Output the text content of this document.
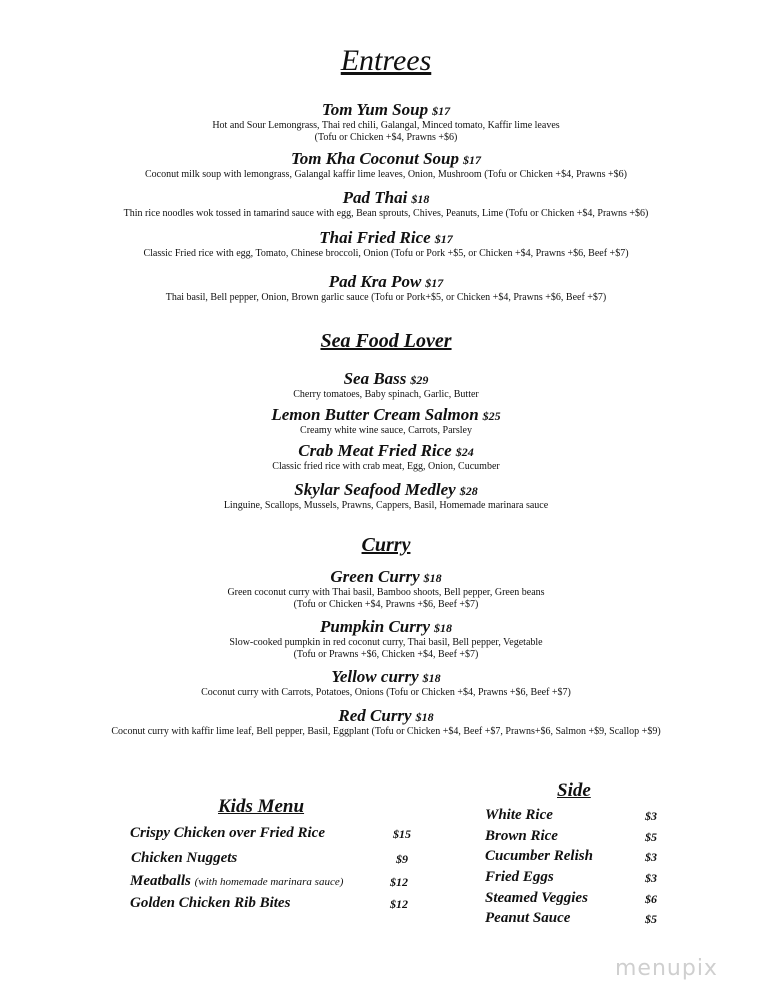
Entrees
Tom Yum Soup $17
Hot and Sour Lemongrass, Thai red chili, Galangal, Minced tomato, Kaffir lime leaves
(Tofu or Chicken +$4, Prawns +$6)
Tom Kha Coconut Soup $17
Coconut milk soup with lemongrass, Galangal kaffir lime leaves, Onion, Mushroom (Tofu or Chicken +$4, Prawns +$6)
Pad Thai $18
Thin rice noodles wok tossed in tamarind sauce with egg, Bean sprouts, Chives, Peanuts, Lime (Tofu or Chicken +$4, Prawns +$6)
Thai Fried Rice $17
Classic Fried rice with egg, Tomato, Chinese broccoli, Onion (Tofu or Pork +$5, or Chicken +$4, Prawns +$6, Beef +$7)
Pad Kra Pow $17
Thai basil, Bell pepper, Onion, Brown garlic sauce (Tofu or Pork+$5, or Chicken +$4, Prawns +$6, Beef +$7)
Sea Food Lover
Sea Bass $29
Cherry tomatoes, Baby spinach, Garlic, Butter
Lemon Butter Cream Salmon $25
Creamy white wine sauce, Carrots, Parsley
Crab Meat Fried Rice $24
Classic fried rice with crab meat, Egg, Onion, Cucumber
Skylar Seafood Medley $28
Linguine, Scallops, Mussels, Prawns, Cappers, Basil, Homemade marinara sauce
Curry
Green Curry $18
Green coconut curry with Thai basil, Bamboo shoots, Bell pepper, Green beans
(Tofu or Chicken +$4, Prawns +$6, Beef +$7)
Pumpkin Curry $18
Slow-cooked pumpkin in red coconut curry, Thai basil, Bell pepper, Vegetable
(Tofu or Prawns +$6, Chicken +$4, Beef +$7)
Yellow curry $18
Coconut curry with Carrots, Potatoes, Onions (Tofu or Chicken +$4, Prawns +$6, Beef +$7)
Red Curry $18
Coconut curry with kaffir lime leaf, Bell pepper, Basil, Eggplant (Tofu or Chicken +$4, Beef +$7, Prawns+$6, Salmon +$9, Scallop +$9)
Kids Menu
Crispy Chicken over Fried Rice	$15
Chicken Nuggets	$9
Meatballs (with homemade marinara sauce)	$12
Golden Chicken Rib Bites	$12
Side
White Rice	$3
Brown Rice	$5
Cucumber Relish	$3
Fried Eggs	$3
Steamed Veggies	$6
Peanut Sauce	$5
menupix
